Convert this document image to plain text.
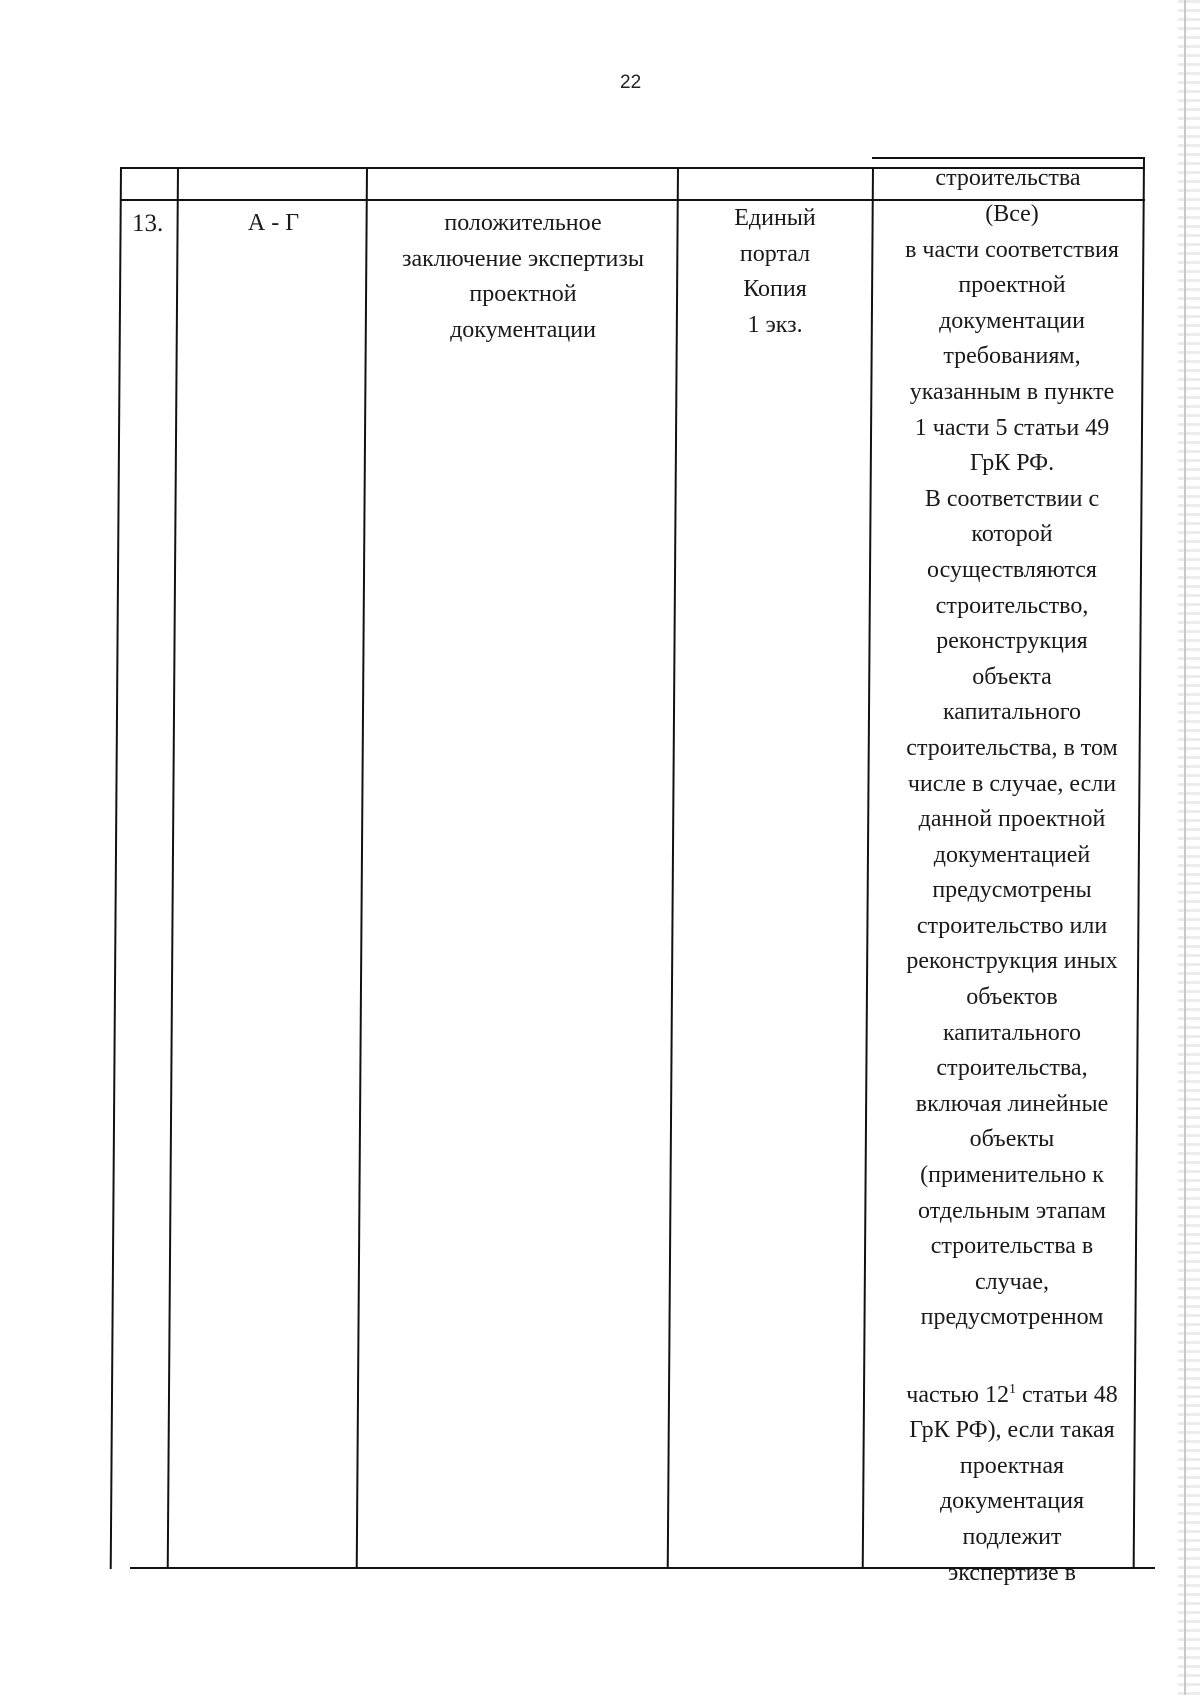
22
строительства
13.	А - Г	положительное
заключение экспертизы
проектной
документации
Единый
портал
Копия
1 экз.
(Все)
в части соответствия
проектной
документации
требованиям,
указанным в пункте
1 части 5 статьи 49
ГрК РФ.
В соответствии с
которой
осуществляются
строительство,
реконструкция
объекта
капитального
строительства, в том
числе в случае, если
данной проектной
документацией
предусмотрены
строительство или
реконструкция иных
объектов
капитального
строительства,
включая линейные
объекты
(применительно к
отдельным этапам
строительства в
случае,
предусмотренном

частью $12^1$ статьи 48

ГрК РФ), если такая
проектная
документация
подлежит
экспертизе в
